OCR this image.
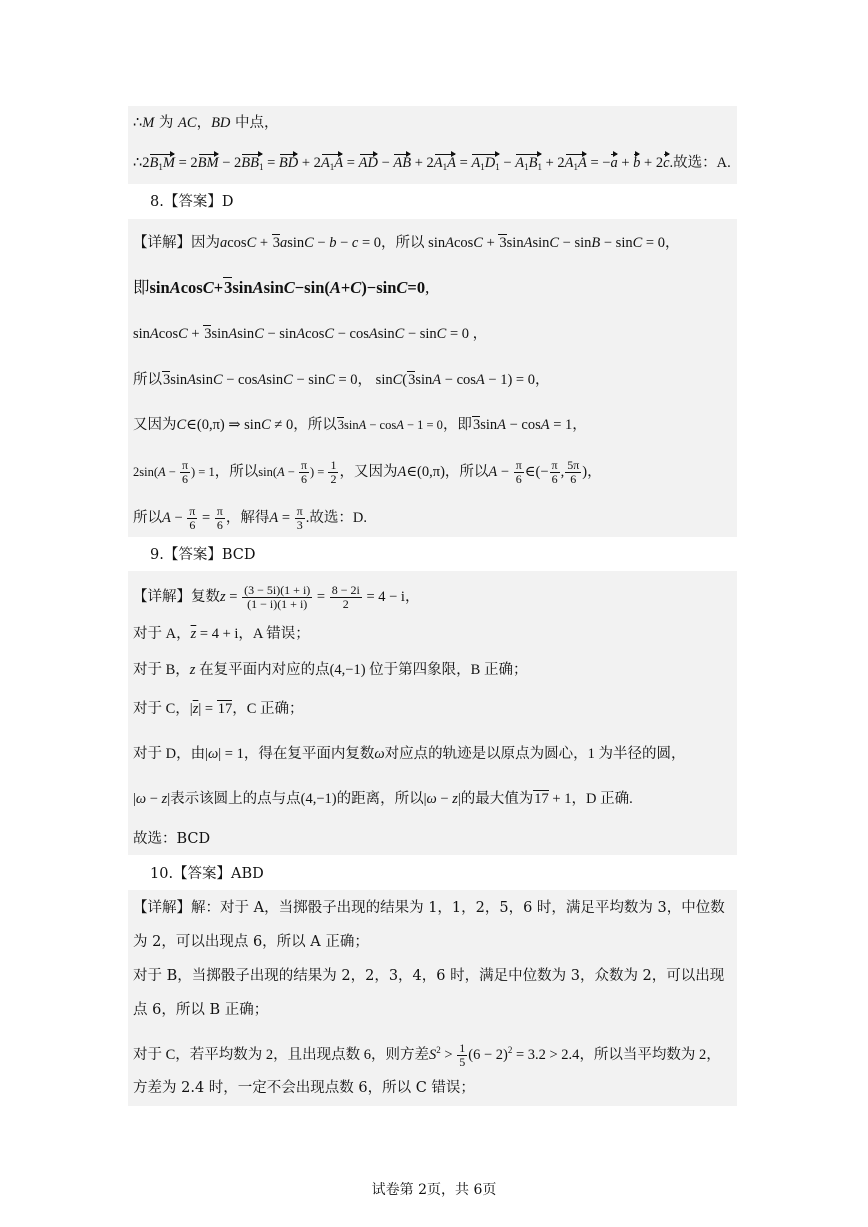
∴M 为 AC，BD 中点，
$\therefore 2B_1M = 2BM - 2BB_1$ = BD + $2A_1A$ = AD − AB + $2A_1A = A_1D_1 - A_1B_1 + 2A_1A = -a + b + 2c$.故选：A.
8.【答案】D
【详解】因为acosC + 3asinC − b − c = 0，所以 sinAcosC + 3sinAsinC − sinB − sinC = 0，
即sinAcosC+3sinAsinC−sin(A+C)−sinC=0,
sinAcosC + 3sinAsinC − sinAcosC − cosAsinC − sinC = 0 ，
所以3sinAsinC − cosAsinC − sinC = 0， sinC(3sinA − cosA − 1) = 0，
又因为C∈(0,π) ⇒ sinC ≠ 0，所以3sinA − cosA − 1 = 0，即3sinA − cosA = 1，
$2\sin(A - \frac{\pi}{6}$ ) = 1，所以$\sin(A - \frac{\pi}{6}$ ) = $\frac{1}{2}$ ，又因为A∈(0,π)，所以$A - \frac{\pi}{6}$ ∈(− $\frac{\pi}{6}$ , $\frac{5\pi}{6}$ )，
所以$A - \frac{\pi}{6} = \frac{\pi}{6}$ ，解得$A = \frac{\pi}{3}$ .故选：D.
9.【答案】BCD
【详解】复数$z = \frac{(3 - 5i)(1 + i)}{(1 - i)(1 + i)} = \frac{8 - 2i}{2} = 4 - i$，
对于 A，$\overline{z} = 4 + i$，A 错误；
对于 B，z 在复平面内对应的点(4,−1) 位于第四象限，B 正确；
对于 C，$|\overline{z}| = 17$，C 正确；
对于 D，由|ω| = 1，得在复平面内复数ω对应点的轨迹是以原点为圆心，1 为半径的圆，
|ω − z|表示该圆上的点与点(4,−1)的距离，所以|ω − z|的最大值为17 + 1，D 正确.
故选：BCD
10.【答案】ABD
【详解】解：对于 A，当掷骰子出现的结果为 1，1，2，5，6 时，满足平均数为 3，中位数
为 2，可以出现点 6，所以 A 正确；
对于 B，当掷骰子出现的结果为 2，2，3，4，6 时，满足中位数为 3，众数为 2，可以出现
点 6，所以 B 正确；
对于 C，若平均数为 2，且出现点数 6，则方差$S^2 > \frac{1}{5} (6 - 2)^2 = 3.2 > 2.4$，所以当平均数为 2，
方差为 2.4 时，一定不会出现点数 6，所以 C 错误；
试卷第 2页，共 6页
